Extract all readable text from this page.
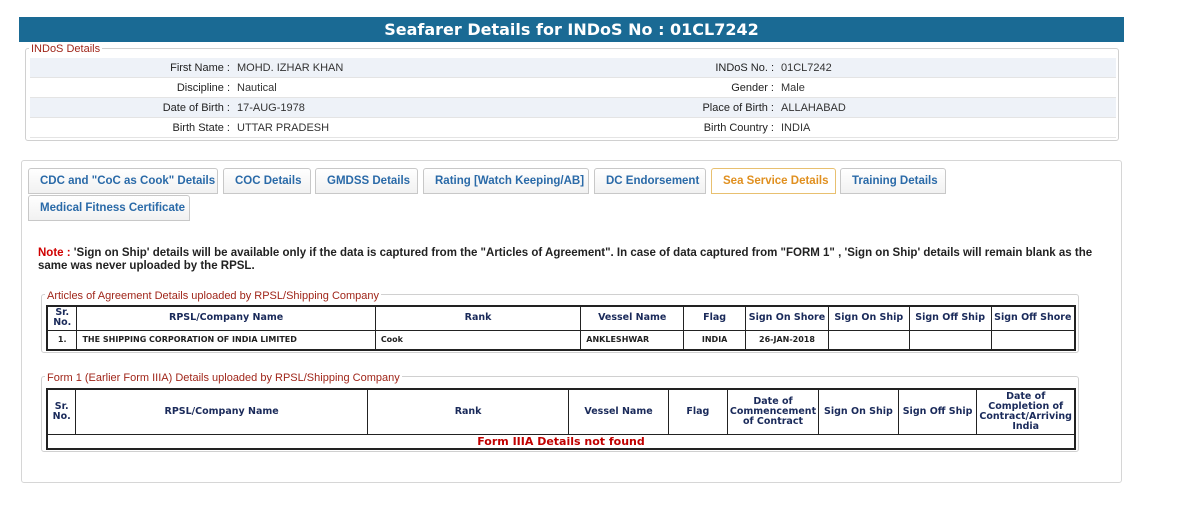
Seafarer Details for INDoS No : 01CL7242
First Name : MOHD. IZHAR KHAN	INDoS No. : 01CL7242
Discipline : Nautical	Gender : Male
Date of Birth : 17-AUG-1978	Place of Birth : ALLAHABAD
Birth State : UTTAR PRADESH	Birth Country : INDIA
INDoS Details
CDC and "CoC as Cook" Details	COC Details	GMDSS Details	Rating [Watch Keeping/AB]	DC Endorsement	Sea Service Details	Training Details
Medical Fitness Certificate
Note : 'Sign on Ship' details will be available only if the data is captured from the "Articles of Agreement". In case of data captured from "FORM 1" , 'Sign on Ship' details will remain blank as the same was never uploaded by the RPSL.
Articles of Agreement Details uploaded by RPSL/Shipping Company
Sr. No.	RPSL/Company Name	Rank	Vessel Name	Flag	Sign On Shore	Sign On Ship	Sign Off Ship	Sign Off Shore
1.	THE SHIPPING CORPORATION OF INDIA LIMITED	Cook	ANKLESHWAR	INDIA	26-JAN-2018			
Form 1 (Earlier Form IIIA) Details uploaded by RPSL/Shipping Company
Sr. No.	RPSL/Company Name	Rank	Vessel Name	Flag	Date of Commencement of Contract	Sign On Ship	Sign Off Ship	Date of Completion of Contract/Arriving India
Form IIIA Details not found
